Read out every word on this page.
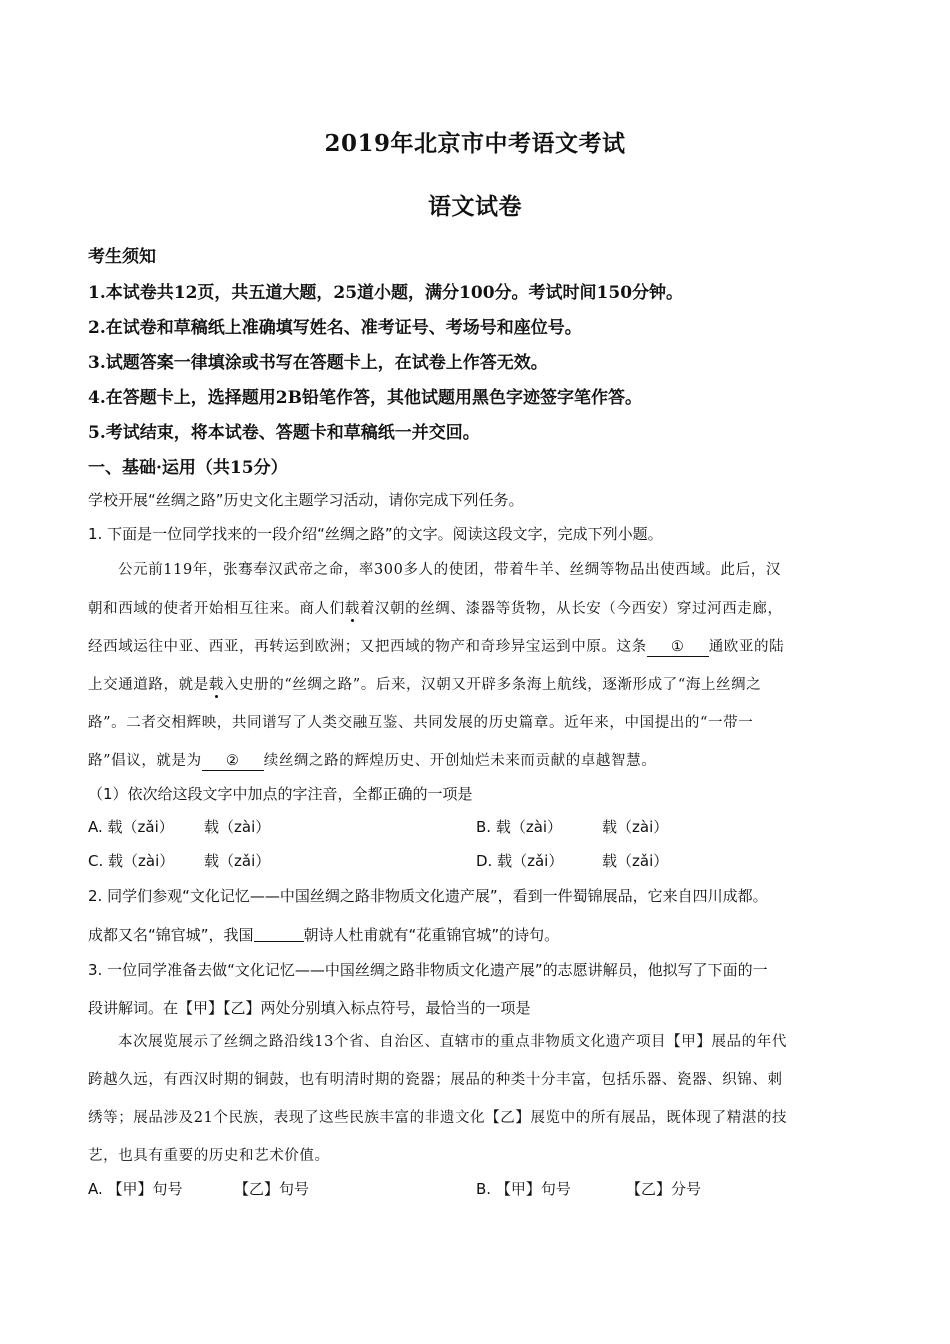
2019年北京市中考语文考试
语文试卷
考生须知
1.本试卷共12页，共五道大题，25道小题，满分100分。考试时间150分钟。
2.在试卷和草稿纸上准确填写姓名、准考证号、考场号和座位号。
3.试题答案一律填涂或书写在答题卡上，在试卷上作答无效。
4.在答题卡上，选择题用2B铅笔作答，其他试题用黑色字迹签字笔作答。
5.考试结束，将本试卷、答题卡和草稿纸一并交回。
一、基础·运用（共15分）
学校开展“丝绸之路”历史文化主题学习活动，请你完成下列任务。
1. 下面是一位同学找来的一段介绍“丝绸之路”的文字。阅读这段文字，完成下列小题。
公元前119年，张骞奉汉武帝之命，率300多人的使团，带着牛羊、丝绸等物品出使西域。此后，汉
朝和西域的使者开始相互往来。商人们载着汉朝的丝绸、漆器等货物，从长安（今西安）穿过河西走廊，
经西域运往中亚、西亚，再转运到欧洲；又把西域的物产和奇珍异宝运到中原。这条 ① 通欧亚的陆
上交通道路，就是载入史册的“丝绸之路”。后来，汉朝又开辟多条海上航线，逐渐形成了“海上丝绸之
路”。二者交相辉映，共同谱写了人类交融互鉴、共同发展的历史篇章。近年来，中国提出的“一带一
路”倡议，就是为 ② 续丝绸之路的辉煌历史、开创灿烂未来而贡献的卓越智慧。
（1）依次给这段文字中加点的字注音，全都正确的一项是
A. 载（zǎi） 载（zài）	B. 载（zài）	载（zài）
C. 载（zài） 载（zǎi）	D. 载（zǎi）	载（zǎi）
2. 同学们参观“文化记忆——中国丝绸之路非物质文化遗产展”，看到一件蜀锦展品，它来自四川成都。
成都又名“锦官城”，我国	朝诗人杜甫就有“花重锦官城”的诗句。
3. 一位同学准备去做“文化记忆——中国丝绸之路非物质文化遗产展”的志愿讲解员，他拟写了下面的一
段讲解词。在【甲】【乙】两处分别填入标点符号，最恰当的一项是
本次展览展示了丝绸之路沿线13个省、自治区、直辖市的重点非物质文化遗产项目【甲】展品的年代
跨越久远，有西汉时期的铜鼓，也有明清时期的瓷器；展品的种类十分丰富，包括乐器、瓷器、织锦、刺
绣等；展品涉及21个民族，表现了这些民族丰富的非遗文化【乙】展览中的所有展品，既体现了精湛的技
艺，也具有重要的历史和艺术价值。
A. 【甲】句号	【乙】句号	B. 【甲】句号	【乙】分号
